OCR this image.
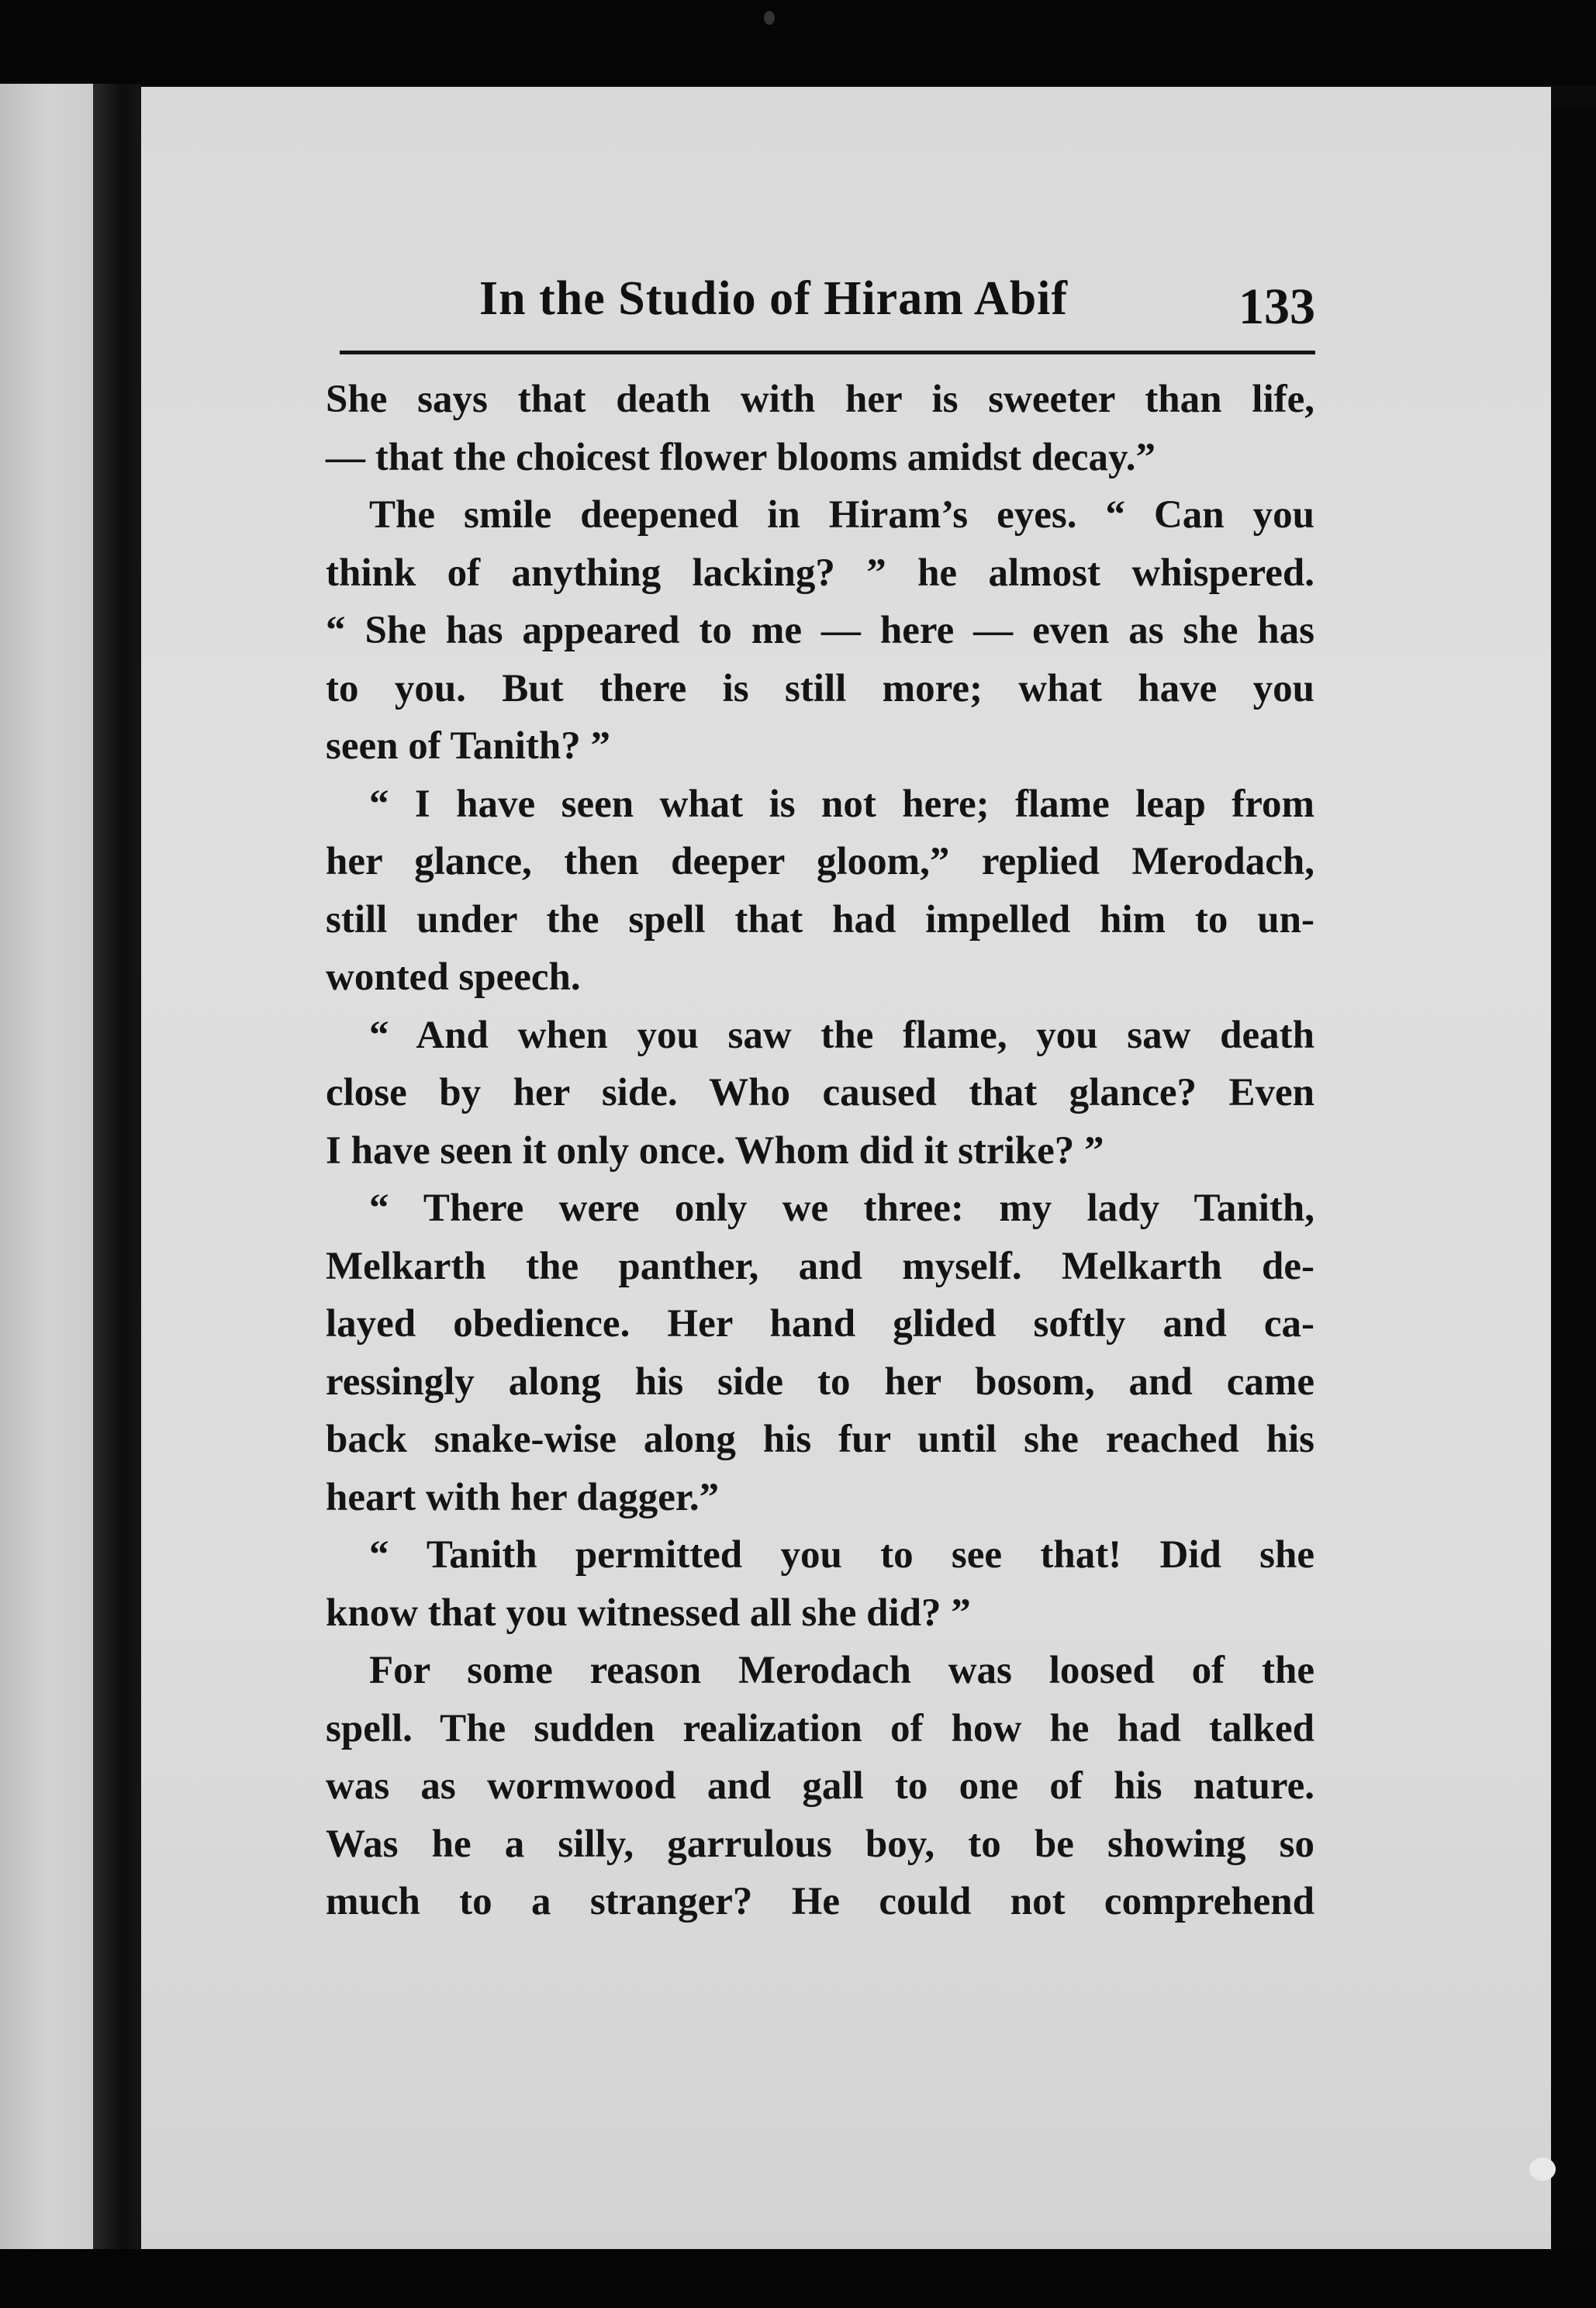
In the Studio of Hiram Abif	133
She says that death with her is sweeter than life,
— that the choicest flower blooms amidst decay.”
The smile deepened in Hiram’s eyes. “ Can you
think of anything lacking? ” he almost whispered.
“ She has appeared to me — here — even as she has
to you. But there is still more; what have you
seen of Tanith? ”
“ I have seen what is not here; flame leap from
her glance, then deeper gloom,” replied Merodach,
still under the spell that had impelled him to un-
wonted speech.
“ And when you saw the flame, you saw death
close by her side. Who caused that glance? Even
I have seen it only once. Whom did it strike? ”
“ There were only we three: my lady Tanith,
Melkarth the panther, and myself. Melkarth de-
layed obedience. Her hand glided softly and ca-
ressingly along his side to her bosom, and came
back snake-wise along his fur until she reached his
heart with her dagger.”
“ Tanith permitted you to see that! Did she
know that you witnessed all she did? ”
For some reason Merodach was loosed of the
spell. The sudden realization of how he had talked
was as wormwood and gall to one of his nature.
Was he a silly, garrulous boy, to be showing so
much to a stranger? He could not comprehend
